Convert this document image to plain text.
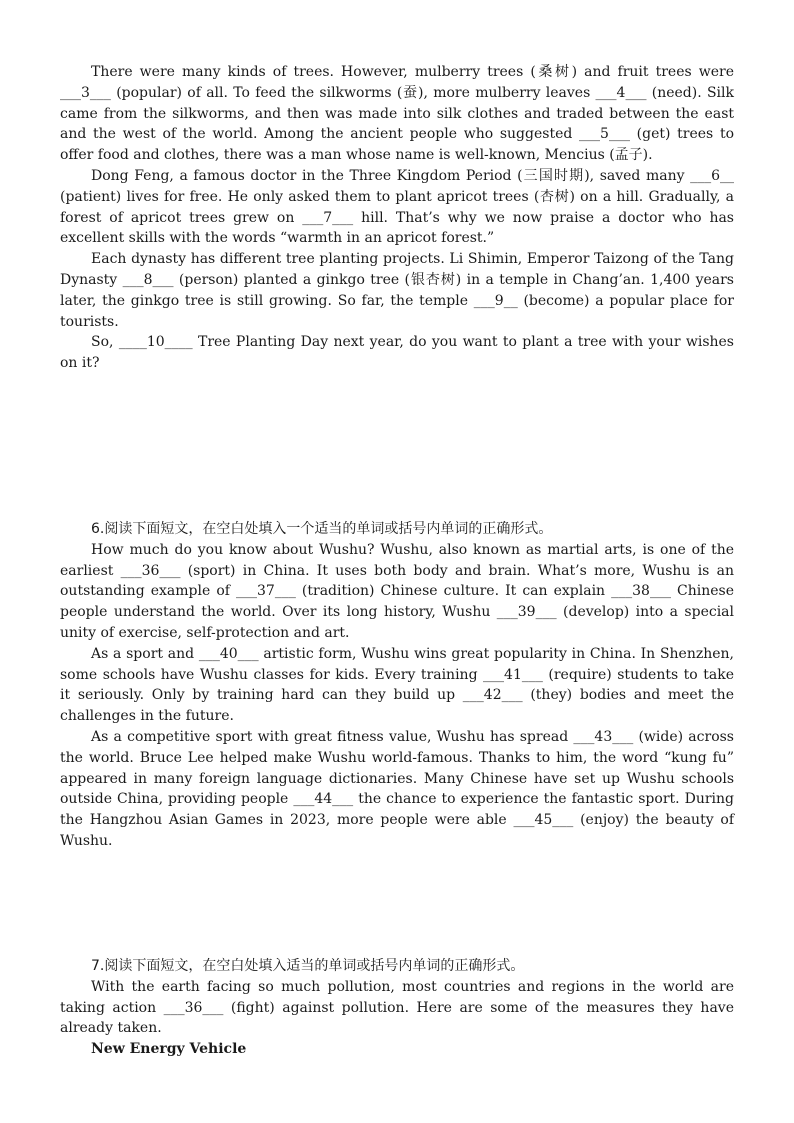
There were many kinds of trees. However, mulberry trees (桑树) and fruit trees were ___3___ (popular) of all. To feed the silkworms (蚕), more mulberry leaves ___4___ (need). Silk came from the silkworms, and then was made into silk clothes and traded between the east and the west of the world. Among the ancient people who suggested ___5___ (get) trees to offer food and clothes, there was a man whose name is well-known, Mencius (孟子).

Dong Feng, a famous doctor in the Three Kingdom Period (三国时期), saved many ___6__ (patient) lives for free. He only asked them to plant apricot trees (杏树) on a hill. Gradually, a forest of apricot trees grew on ___7___ hill. That’s why we now praise a doctor who has excellent skills with the words “warmth in an apricot forest.”

Each dynasty has different tree planting projects. Li Shimin, Emperor Taizong of the Tang Dynasty ___8___ (person) planted a ginkgo tree (银杏树) in a temple in Chang’an. 1,400 years later, the ginkgo tree is still growing. So far, the temple ___9__ (become) a popular place for tourists.

So, ____10____ Tree Planting Day next year, do you want to plant a tree with your wishes on it?

6.阅读下面短文，在空白处填入一个适当的单词或括号内单词的正确形式。

How much do you know about Wushu? Wushu, also known as martial arts, is one of the earliest ___36___ (sport) in China. It uses both body and brain. What’s more, Wushu is an outstanding example of ___37___ (tradition) Chinese culture. It can explain ___38___ Chinese people understand the world. Over its long history, Wushu ___39___ (develop) into a special unity of exercise, self-protection and art.

As a sport and ___40___ artistic form, Wushu wins great popularity in China. In Shenzhen, some schools have Wushu classes for kids. Every training ___41___ (require) students to take it seriously. Only by training hard can they build up ___42___ (they) bodies and meet the challenges in the future.

As a competitive sport with great fitness value, Wushu has spread ___43___ (wide) across the world. Bruce Lee helped make Wushu world-famous. Thanks to him, the word “kung fu” appeared in many foreign language dictionaries. Many Chinese have set up Wushu schools outside China, providing people ___44___ the chance to experience the fantastic sport. During the Hangzhou Asian Games in 2023, more people were able ___45___ (enjoy) the beauty of Wushu.

7.阅读下面短文，在空白处填入适当的单词或括号内单词的正确形式。

With the earth facing so much pollution, most countries and regions in the world are taking action ___36___ (fight) against pollution. Here are some of the measures they have already taken.

New Energy Vehicle
